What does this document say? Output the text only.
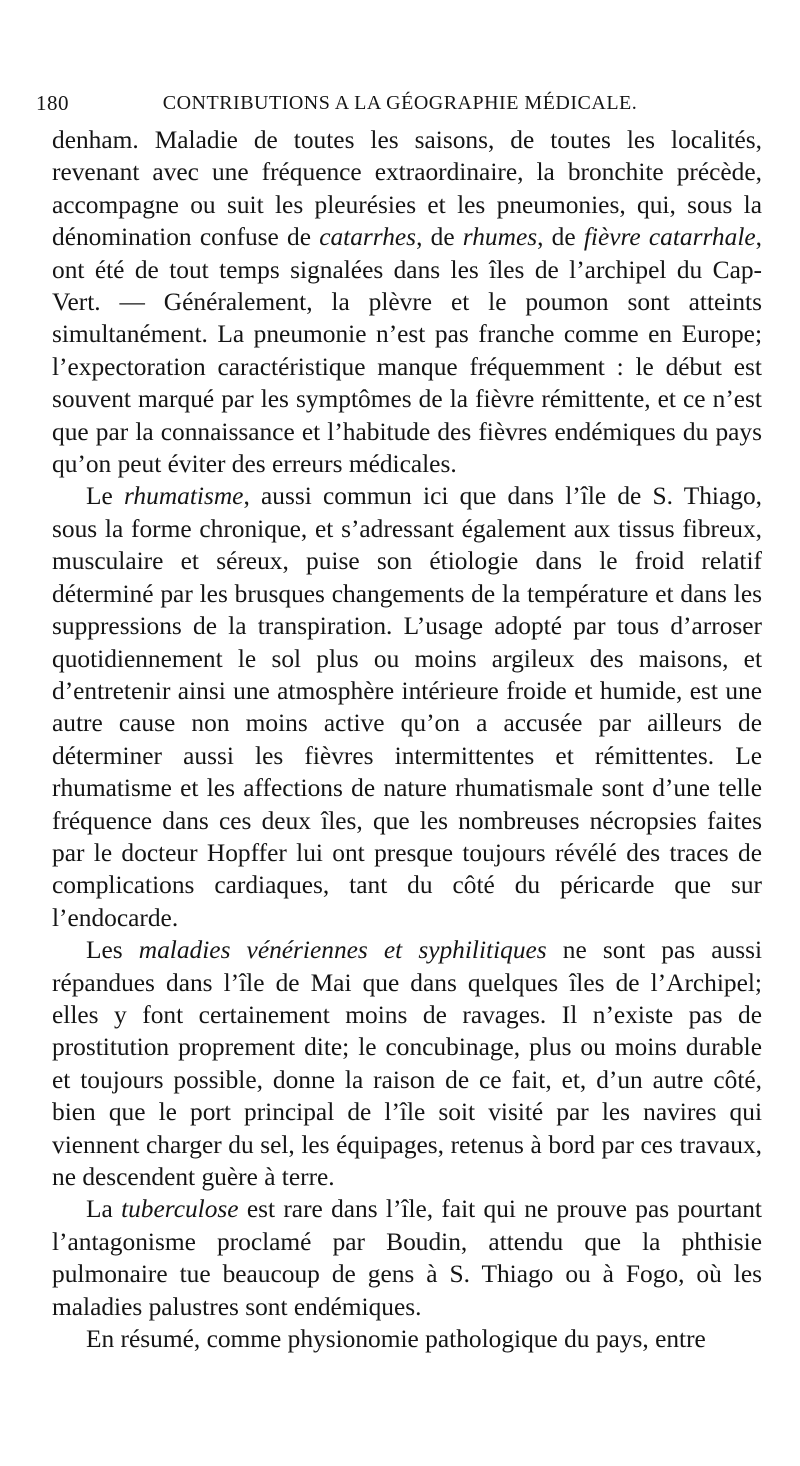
180	CONTRIBUTIONS A LA GÉOGRAPHIE MÉDICALE.

denham. Maladie de toutes les saisons, de toutes les localités, revenant avec une fréquence extraordinaire, la bronchite précède, accompagne ou suit les pleurésies et les pneumonies, qui, sous la dénomination confuse de catarrhes, de rhumes, de fièvre catarrhale, ont été de tout temps signalées dans les îles de l’archipel du Cap-Vert. — Généralement, la plèvre et le poumon sont atteints simultanément. La pneumonie n’est pas franche comme en Europe; l’expectoration caractéristique manque fréquemment : le début est souvent marqué par les symptômes de la fièvre rémittente, et ce n’est que par la connaissance et l’habitude des fièvres endémiques du pays qu’on peut éviter des erreurs médicales.

Le rhumatisme, aussi commun ici que dans l’île de S. Thiago, sous la forme chronique, et s’adressant également aux tissus fibreux, musculaire et séreux, puise son étiologie dans le froid relatif déterminé par les brusques changements de la température et dans les suppressions de la transpiration. L’usage adopté par tous d’arroser quotidiennement le sol plus ou moins argileux des maisons, et d’entretenir ainsi une atmosphère intérieure froide et humide, est une autre cause non moins active qu’on a accusée par ailleurs de déterminer aussi les fièvres intermittentes et rémittentes. Le rhumatisme et les affections de nature rhumatismale sont d’une telle fréquence dans ces deux îles, que les nombreuses nécropsies faites par le docteur Hopffer lui ont presque toujours révélé des traces de complications cardiaques, tant du côté du péricarde que sur l’endocarde.

Les maladies vénériennes et syphilitiques ne sont pas aussi répandues dans l’île de Mai que dans quelques îles de l’Archipel; elles y font certainement moins de ravages. Il n’existe pas de prostitution proprement dite; le concubinage, plus ou moins durable et toujours possible, donne la raison de ce fait, et, d’un autre côté, bien que le port principal de l’île soit visité par les navires qui viennent charger du sel, les équipages, retenus à bord par ces travaux, ne descendent guère à terre.

La tuberculose est rare dans l’île, fait qui ne prouve pas pourtant l’antagonisme proclamé par Boudin, attendu que la phthisie pulmonaire tue beaucoup de gens à S. Thiago ou à Fogo, où les maladies palustres sont endémiques.

En résumé, comme physionomie pathologique du pays, entre
